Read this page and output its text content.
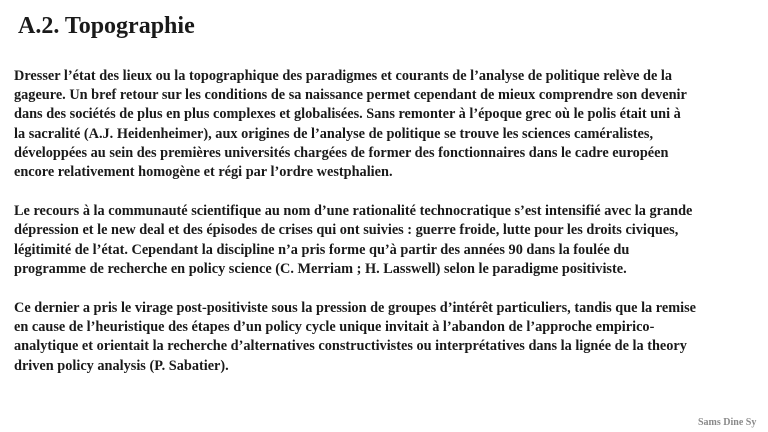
A.2. Topographie

Dresser l’état des lieux ou la topographique des paradigmes et courants de l’analyse de politique relève de la
gageure. Un bref retour sur les conditions de sa naissance permet cependant de mieux comprendre son devenir
dans des sociétés de plus en plus complexes et globalisées. Sans remonter à l’époque grec où le polis était uni à
la sacralité (A.J. Heidenheimer), aux origines de l’analyse de politique se trouve les sciences caméralistes,
développées au sein des premières universités chargées de former des fonctionnaires dans le cadre européen
encore relativement homogène et régi par l’ordre westphalien.

Le recours à la communauté scientifique au nom d’une rationalité technocratique s’est intensifié avec la grande
dépression et le new deal et des épisodes de crises qui ont suivies : guerre froide, lutte pour les droits civiques,
légitimité de l’état. Cependant la discipline n’a pris forme qu’à partir des années 90 dans la foulée du
programme de recherche en policy science (C. Merriam ; H. Lasswell) selon le paradigme positiviste.

Ce dernier a pris le virage post-positiviste sous la pression de groupes d’intérêt particuliers, tandis que la remise
en cause de l’heuristique des étapes d’un policy cycle unique invitait à l’abandon de l’approche empirico-
analytique et orientait la recherche d’alternatives constructivistes ou interprétatives dans la lignée de la theory
driven policy analysis (P. Sabatier).

Sams Dine Sy
